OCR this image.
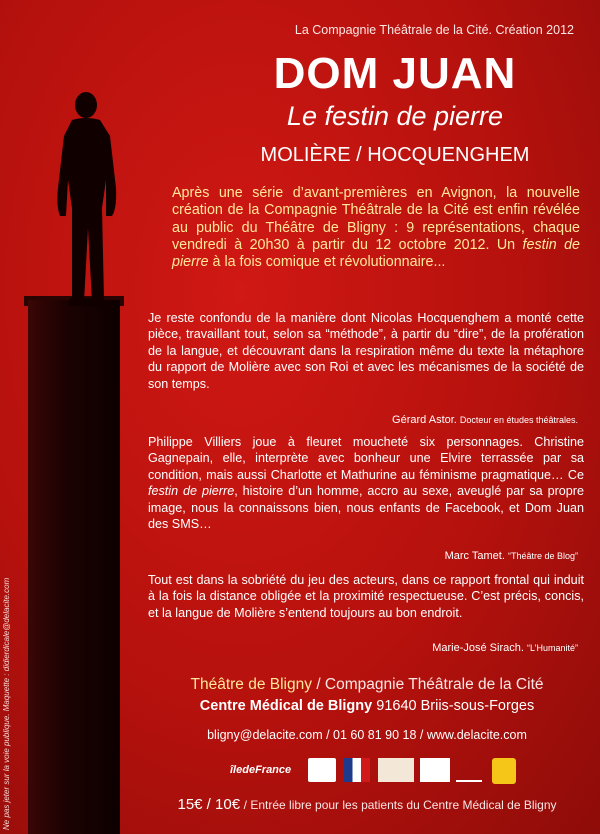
Ne pas jeter sur la voie publique. Maquette : didierdicale@delacite.com
La Compagnie Théâtrale de la Cité. Création 2012
DOM JUAN
Le festin de pierre
MOLIÈRE / HOCQUENGHEM
Après une série d’avant-premières en Avignon, la nouvelle création de la Compagnie Théâtrale de la Cité est enfin révélée au public du Théâtre de Bligny : 9 représentations, chaque vendredi à 20h30 à partir du 12 octobre 2012. Un festin de pierre à la fois comique et révolutionnaire...
Je reste confondu de la manière dont Nicolas Hocquenghem a monté cette pièce, travaillant tout, selon sa “méthode”, à partir du “dire”, de la profération de la langue, et découvrant dans la respiration même du texte la métaphore du rapport de Molière avec son Roi et avec les mécanismes de la société de son temps.
Gérard Astor. Docteur en études théâtrales.
Philippe Villiers joue à fleuret moucheté six personnages. Christine Gagnepain, elle, interprète avec bonheur une Elvire terrassée par sa condition, mais aussi Charlotte et Mathurine au féminisme pragmatique… Ce festin de pierre, histoire d’un homme, accro au sexe, aveuglé par sa propre image, nous la connaissons bien, nous enfants de Facebook, et Dom Juan des SMS…
Marc Tamet. “Théâtre de Blog”
Tout est dans la sobriété du jeu des acteurs, dans ce rapport frontal qui induit à la fois la distance obligée et la proximité respectueuse. C’est précis, concis, et la langue de Molière s’entend toujours au bon endroit.
Marie-José Sirach. “L’Humanité”
Théâtre de Bligny / Compagnie Théâtrale de la Cité
Centre Médical de Bligny 91640 Briis-sous-Forges
bligny@delacite.com / 01 60 81 90 18 / www.delacite.com
îledeFrance
15€ / 10€ / Entrée libre pour les patients du Centre Médical de Bligny
